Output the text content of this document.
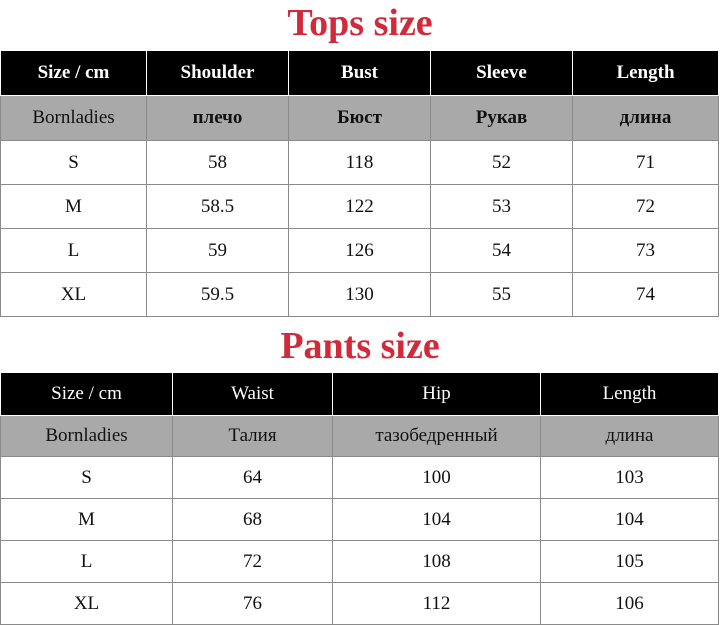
Tops size
Size / cm	Shoulder	Bust	Sleeve	Length
Bornladies	плечо	Бюст	Рукав	длина
S	58	118	52	71
M	58.5	122	53	72
L	59	126	54	73
XL	59.5	130	55	74
Pants size
Size / cm	Waist	Hip	Length
Bornladies	Талия	тазобедренный	длина
S	64	100	103
M	68	104	104
L	72	108	105
XL	76	112	106
